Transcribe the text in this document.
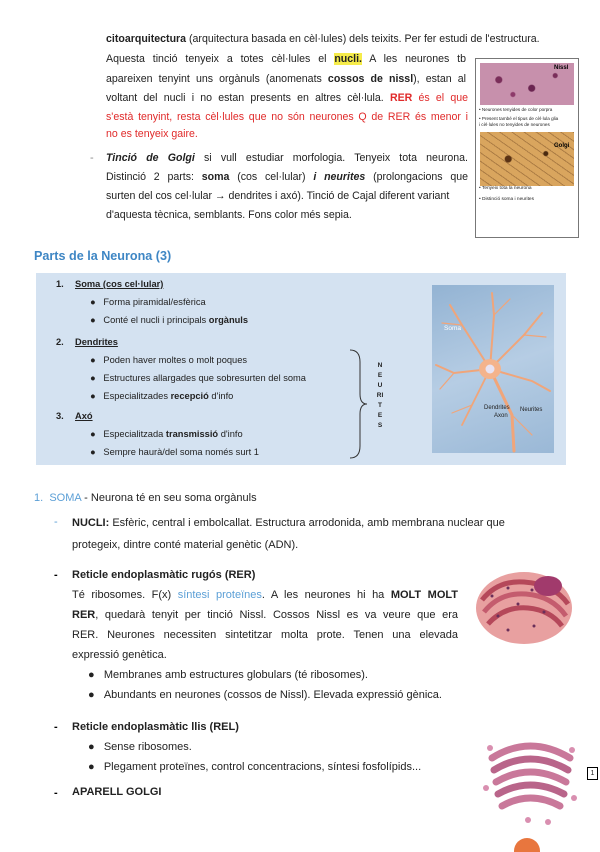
citoarquitectura (arquitectura basada en cèl·lules) dels teixits. Per fer estudi de l'estructura.
Aquesta tinció tenyeix a totes cèl·lules el nucli. A les neurones tb
apareixen tenyint uns orgànuls (anomenats cossos de nissl), estan al
voltant del nucli i no estan presents en altres cèl·lula. RER és el que
s'està tenyint, resta cèl·lules que no són neurones Q de RER és menor i
no es tenyeix gaire.
- Tinció de Golgi si vull estudiar morfologia. Tenyeix tota neurona.
Distinció 2 parts: soma (cos cel·lular) i neurites (prolongacions que
surten del cos cel·lular → dendrites i axó). Tinció de Cajal diferent variant
d'aquesta tècnica, semblants. Fons color més sepia.
Nissl
• Neurones tenyides de color porpra
• Present també el tipus de cèl·lula glia
i cèl·lules no tenyides de neurones
Golgi
• Tenyeix tota la neurona
• Distinció soma i neurites
Parts de la Neurona (3)
1. Soma (cos cel·lular)
●   Forma piramidal/esfèrica
●   Conté el nucli i principals orgànuls
2. Dendrites
●   Poden haver moltes o molt poques
●   Estructures allargades que sobresurten del soma
●   Especialitzades recepció d'info
3. Axó
●   Especialitzada transmissió d'info
●   Sempre haurà/del soma només surt 1
NEURITES
Soma
Dendrites
Axon
Neurites
1. SOMA - Neurona té en seu soma orgànuls
- NUCLI: Esfèric, central i embolcallat. Estructura arrodonida, amb membrana nuclear que
protegeix, dintre conté material genètic (ADN).
- Reticle endoplasmàtic rugós (RER)
Té ribosomes. F(x) síntesi proteïnes. A les neurones hi ha MOLT MOLT
RER, quedarà tenyit per tinció Nissl. Cossos Nissl es va veure que era
RER. Neurones necessiten sintetitzar molta prote. Tenen una elevada
expressió genètica.
●   Membranes amb estructures globulars (té ribosomes).
●   Abundants en neurones (cossos de Nissl). Elevada expressió gènica.
- Reticle endoplasmàtic llis (REL)
●   Sense ribosomes.
●   Plegament proteïnes, control concentracions, síntesi fosfolípids...
1
- APARELL GOLGI
